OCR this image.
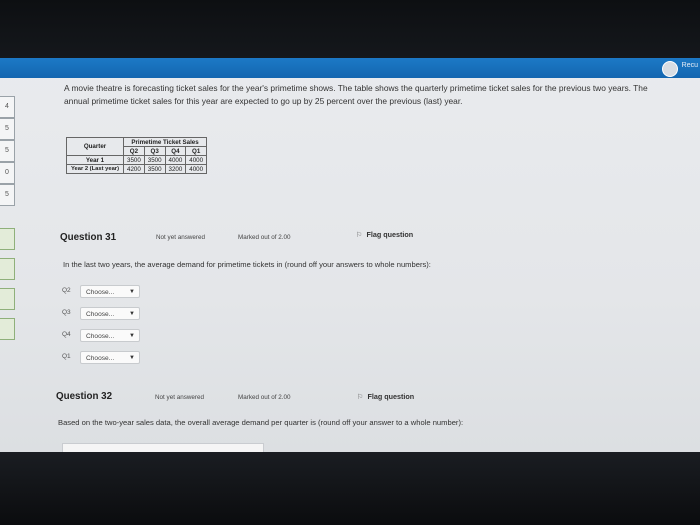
Recu
4
5
5
0
5
A movie theatre is forecasting ticket sales for the year's primetime shows. The table shows the quarterly primetime ticket sales for the previous two years. The annual primetime ticket sales for this year are expected to go up by 25 percent over the previous (last) year.
Quarter	Primetime Ticket Sales			
	Q2	Q3	Q4	Q1
Year 1	3500	3500	4000	4000
Year 2 (Last year)	4200	3500	3200	4000
Question 31	Not yet answered	Marked out of 2.00	⚐ Flag question
In the last two years, the average demand for primetime tickets in (round off your answers to whole numbers):
Q2	Choose... ▼
Q3	Choose... ▼
Q4	Choose... ▼
Q1	Choose... ▼
Question 32	Not yet answered	Marked out of 2.00	⚐ Flag question
Based on the two-year sales data, the overall average demand per quarter is (round off your answer to a whole number):
